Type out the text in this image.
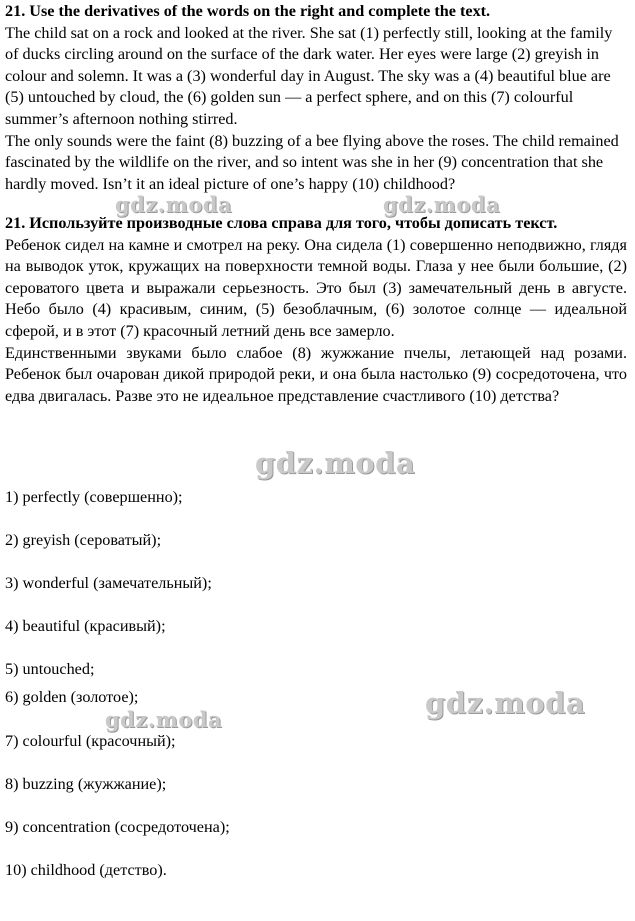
21. Use the derivatives of the words on the right and complete the text.

The child sat on a rock and looked at the river. She sat (1) perfectly still, looking at the family of ducks circling around on the surface of the dark water. Her eyes were large (2) greyish in colour and solemn. It was a (3) wonderful day in August. The sky was a (4) beautiful blue are (5) untouched by cloud, the (6) golden sun — a perfect sphere, and on this (7) colourful summer’s afternoon nothing stirred.

The only sounds were the faint (8) buzzing of a bee flying above the roses. The child remained fascinated by the wildlife on the river, and so intent was she in her (9) concentration that she hardly moved. Isn’t it an ideal picture of one’s happy (10) childhood?

21. Используйте производные слова справа для того, чтобы дописать текст.

Ребенок сидел на камне и смотрел на реку. Она сидела (1) совершенно неподвижно, глядя на выводок уток, кружащих на поверхности темной воды. Глаза у нее были большие, (2) сероватого цвета и выражали серьезность. Это был (3) замечательный день в августе. Небо было (4) красивым, синим, (5) безоблачным, (6) золотое солнце — идеальной сферой, и в этот (7) красочный летний день все замерло.

Единственными звуками было слабое (8) жужжание пчелы, летающей над розами. Ребенок был очарован дикой природой реки, и она была настолько (9) сосредоточена, что едва двигалась. Разве это не идеальное представление счастливого (10) детства?

1) perfectly (совершенно);
2) greyish (сероватый);
3) wonderful (замечательный);
4) beautiful (красивый);
5) untouched;
6) golden (золотое);
7) colourful (красочный);
8) buzzing (жужжание);
9) concentration (сосредоточена);
10) childhood (детство).
gdz.moda	gdz.moda
gdz.moda
gdz.moda
gdz.moda
